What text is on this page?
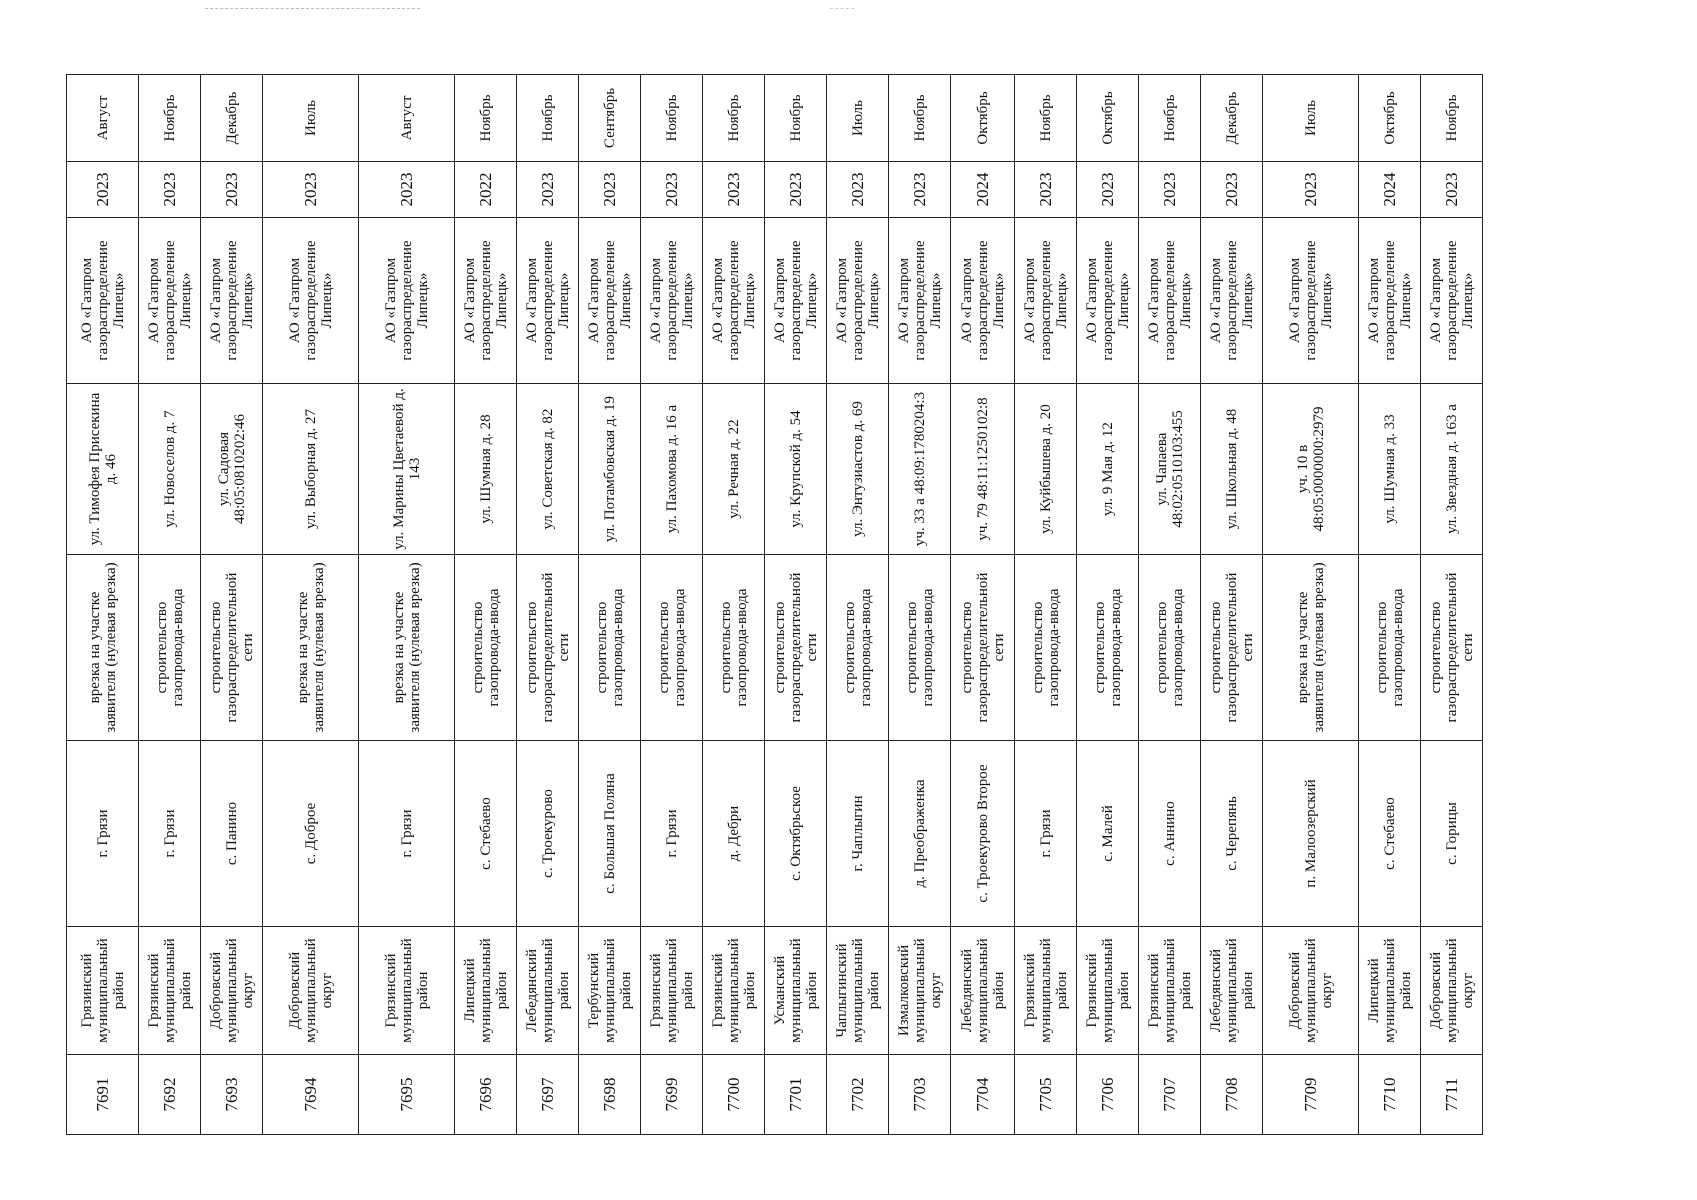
7691	Грязинский муниципальный район	г. Грязи	врезка на участке заявителя (нулевая врезка)	ул. Тимофея Присекина д. 46	АО «Газпром газораспределение Липецк»	2023	Август
7692	Грязинский муниципальный район	г. Грязи	строительство газопровода-ввода	ул. Новоселов д. 7	АО «Газпром газораспределение Липецк»	2023	Ноябрь
7693	Добровский муниципальный округ	с. Панино	строительство газораспределительной сети	ул. Садовая 48:05:0810202:46	АО «Газпром газораспределение Липецк»	2023	Декабрь
7694	Добровский муниципальный округ	с. Доброе	врезка на участке заявителя (нулевая врезка)	ул. Выборная д. 27	АО «Газпром газораспределение Липецк»	2023	Июль
7695	Грязинский муниципальный район	г. Грязи	врезка на участке заявителя (нулевая врезка)	ул. Марины Цветаевой д. 143	АО «Газпром газораспределение Липецк»	2023	Август
7696	Липецкий муниципальный район	с. Стебаево	строительство газопровода-ввода	ул. Шумная д. 28	АО «Газпром газораспределение Липецк»	2022	Ноябрь
7697	Лебедянский муниципальный район	с. Троекурово	строительство газораспределительной сети	ул. Советская д. 82	АО «Газпром газораспределение Липецк»	2023	Ноябрь
7698	Тербунский муниципальный район	с. Большая Поляна	строительство газопровода-ввода	ул. Потамбовская д. 19	АО «Газпром газораспределение Липецк»	2023	Сентябрь
7699	Грязинский муниципальный район	г. Грязи	строительство газопровода-ввода	ул. Пахомова д. 16 а	АО «Газпром газораспределение Липецк»	2023	Ноябрь
7700	Грязинский муниципальный район	д. Дебри	строительство газопровода-ввода	ул. Речная д. 22	АО «Газпром газораспределение Липецк»	2023	Ноябрь
7701	Усманский муниципальный район	с. Октябрьское	строительство газораспределительной сети	ул. Крупской д. 54	АО «Газпром газораспределение Липецк»	2023	Ноябрь
7702	Чаплыгинский муниципальный район	г. Чаплыгин	строительство газопровода-ввода	ул. Энтузиастов д. 69	АО «Газпром газораспределение Липецк»	2023	Июль
7703	Измалковский муниципальный округ	д. Преображенка	строительство газопровода-ввода	уч. 33 а 48:09:1780204:3	АО «Газпром газораспределение Липецк»	2023	Ноябрь
7704	Лебедянский муниципальный район	с. Троекурово Второе	строительство газораспределительной сети	уч. 79 48:11:1250102:8	АО «Газпром газораспределение Липецк»	2024	Октябрь
7705	Грязинский муниципальный район	г. Грязи	строительство газопровода-ввода	ул. Куйбышева д. 20	АО «Газпром газораспределение Липецк»	2023	Ноябрь
7706	Грязинский муниципальный район	с. Малей	строительство газопровода-ввода	ул. 9 Мая д. 12	АО «Газпром газораспределение Липецк»	2023	Октябрь
7707	Грязинский муниципальный район	с. Аннино	строительство газопровода-ввода	ул. Чапаева 48:02:0510103:455	АО «Газпром газораспределение Липецк»	2023	Ноябрь
7708	Лебедянский муниципальный район	с. Черепянь	строительство газораспределительной сети	ул. Школьная д. 48	АО «Газпром газораспределение Липецк»	2023	Декабрь
7709	Добровский муниципальный округ	п. Малоозерский	врезка на участке заявителя (нулевая врезка)	уч. 10 в 48:05:0000000:2979	АО «Газпром газораспределение Липецк»	2023	Июль
7710	Липецкий муниципальный район	с. Стебаево	строительство газопровода-ввода	ул. Шумная д. 33	АО «Газпром газораспределение Липецк»	2024	Октябрь
7711	Добровский муниципальный округ	с. Горицы	строительство газораспределительной сети	ул. Звездная д. 163 а	АО «Газпром газораспределение Липецк»	2023	Ноябрь
